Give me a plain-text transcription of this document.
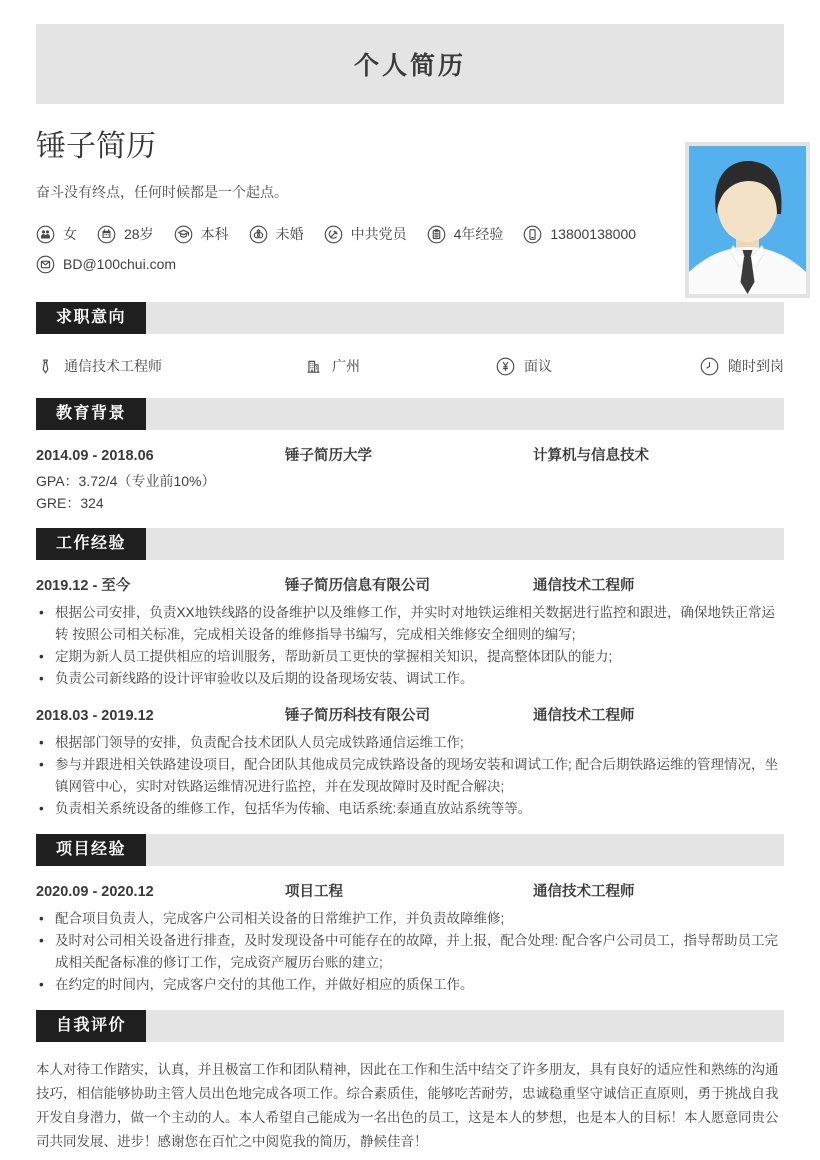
个人简历
锤子简历

奋斗没有终点，任何时候都是一个起点。

女	28岁	本科	未婚	中共党员	4年经验	13800138000
BD@100chui.com
求职意向
通信技术工程师	广州	面议	随时到岗
教育背景
2014.09 - 2018.06	锤子简历大学	计算机与信息技术
GPA：3.72/4（专业前10%）
GRE：324
工作经验
2019.12 - 至今	锤子简历信息有限公司	通信技术工程师
• 根据公司安排，负责XX地铁线路的设备维护以及维修工作，并实时对地铁运维相关数据进行监控和跟进，确保地铁正常运转 按照公司相关标准，完成相关设备的维修指导书编写，完成相关维修安全细则的编写;
• 定期为新人员工提供相应的培训服务，帮助新员工更快的掌握相关知识，提高整体团队的能力;
• 负责公司新线路的设计评审验收以及后期的设备现场安装、调试工作。
2018.03 - 2019.12	锤子简历科技有限公司	通信技术工程师
• 根据部门领导的安排，负责配合技术团队人员完成铁路通信运维工作;
• 参与并跟进相关铁路建设项目，配合团队其他成员完成铁路设备的现场安装和调试工作; 配合后期铁路运维的管理情况，坐镇网管中心，实时对铁路运维情况进行监控，并在发现故障时及时配合解决;
• 负责相关系统设备的维修工作，包括华为传输、电话系统:泰通直放站系统等等。
项目经验
2020.09 - 2020.12	项目工程	通信技术工程师
• 配合项目负责人，完成客户公司相关设备的日常维护工作，并负责故障维修;
• 及时对公司相关设备进行排查，及时发现设备中可能存在的故障，并上报，配合处理: 配合客户公司员工，指导帮助员工完成相关配备标准的修订工作，完成资产履历台账的建立;
• 在约定的时间内，完成客户交付的其他工作，并做好相应的质保工作。
自我评价

本人对待工作踏实，认真，并且极富工作和团队精神，因此在工作和生活中结交了许多朋友，具有良好的适应性和熟练的沟通技巧，相信能够协助主管人员出色地完成各项工作。综合素质佳，能够吃苦耐劳，忠诚稳重坚守诚信正直原则，勇于挑战自我开发自身潜力，做一个主动的人。本人希望自己能成为一名出色的员工，这是本人的梦想，也是本人的目标！本人愿意同贵公司共同发展、进步！感谢您在百忙之中阅览我的简历，静候佳音！
